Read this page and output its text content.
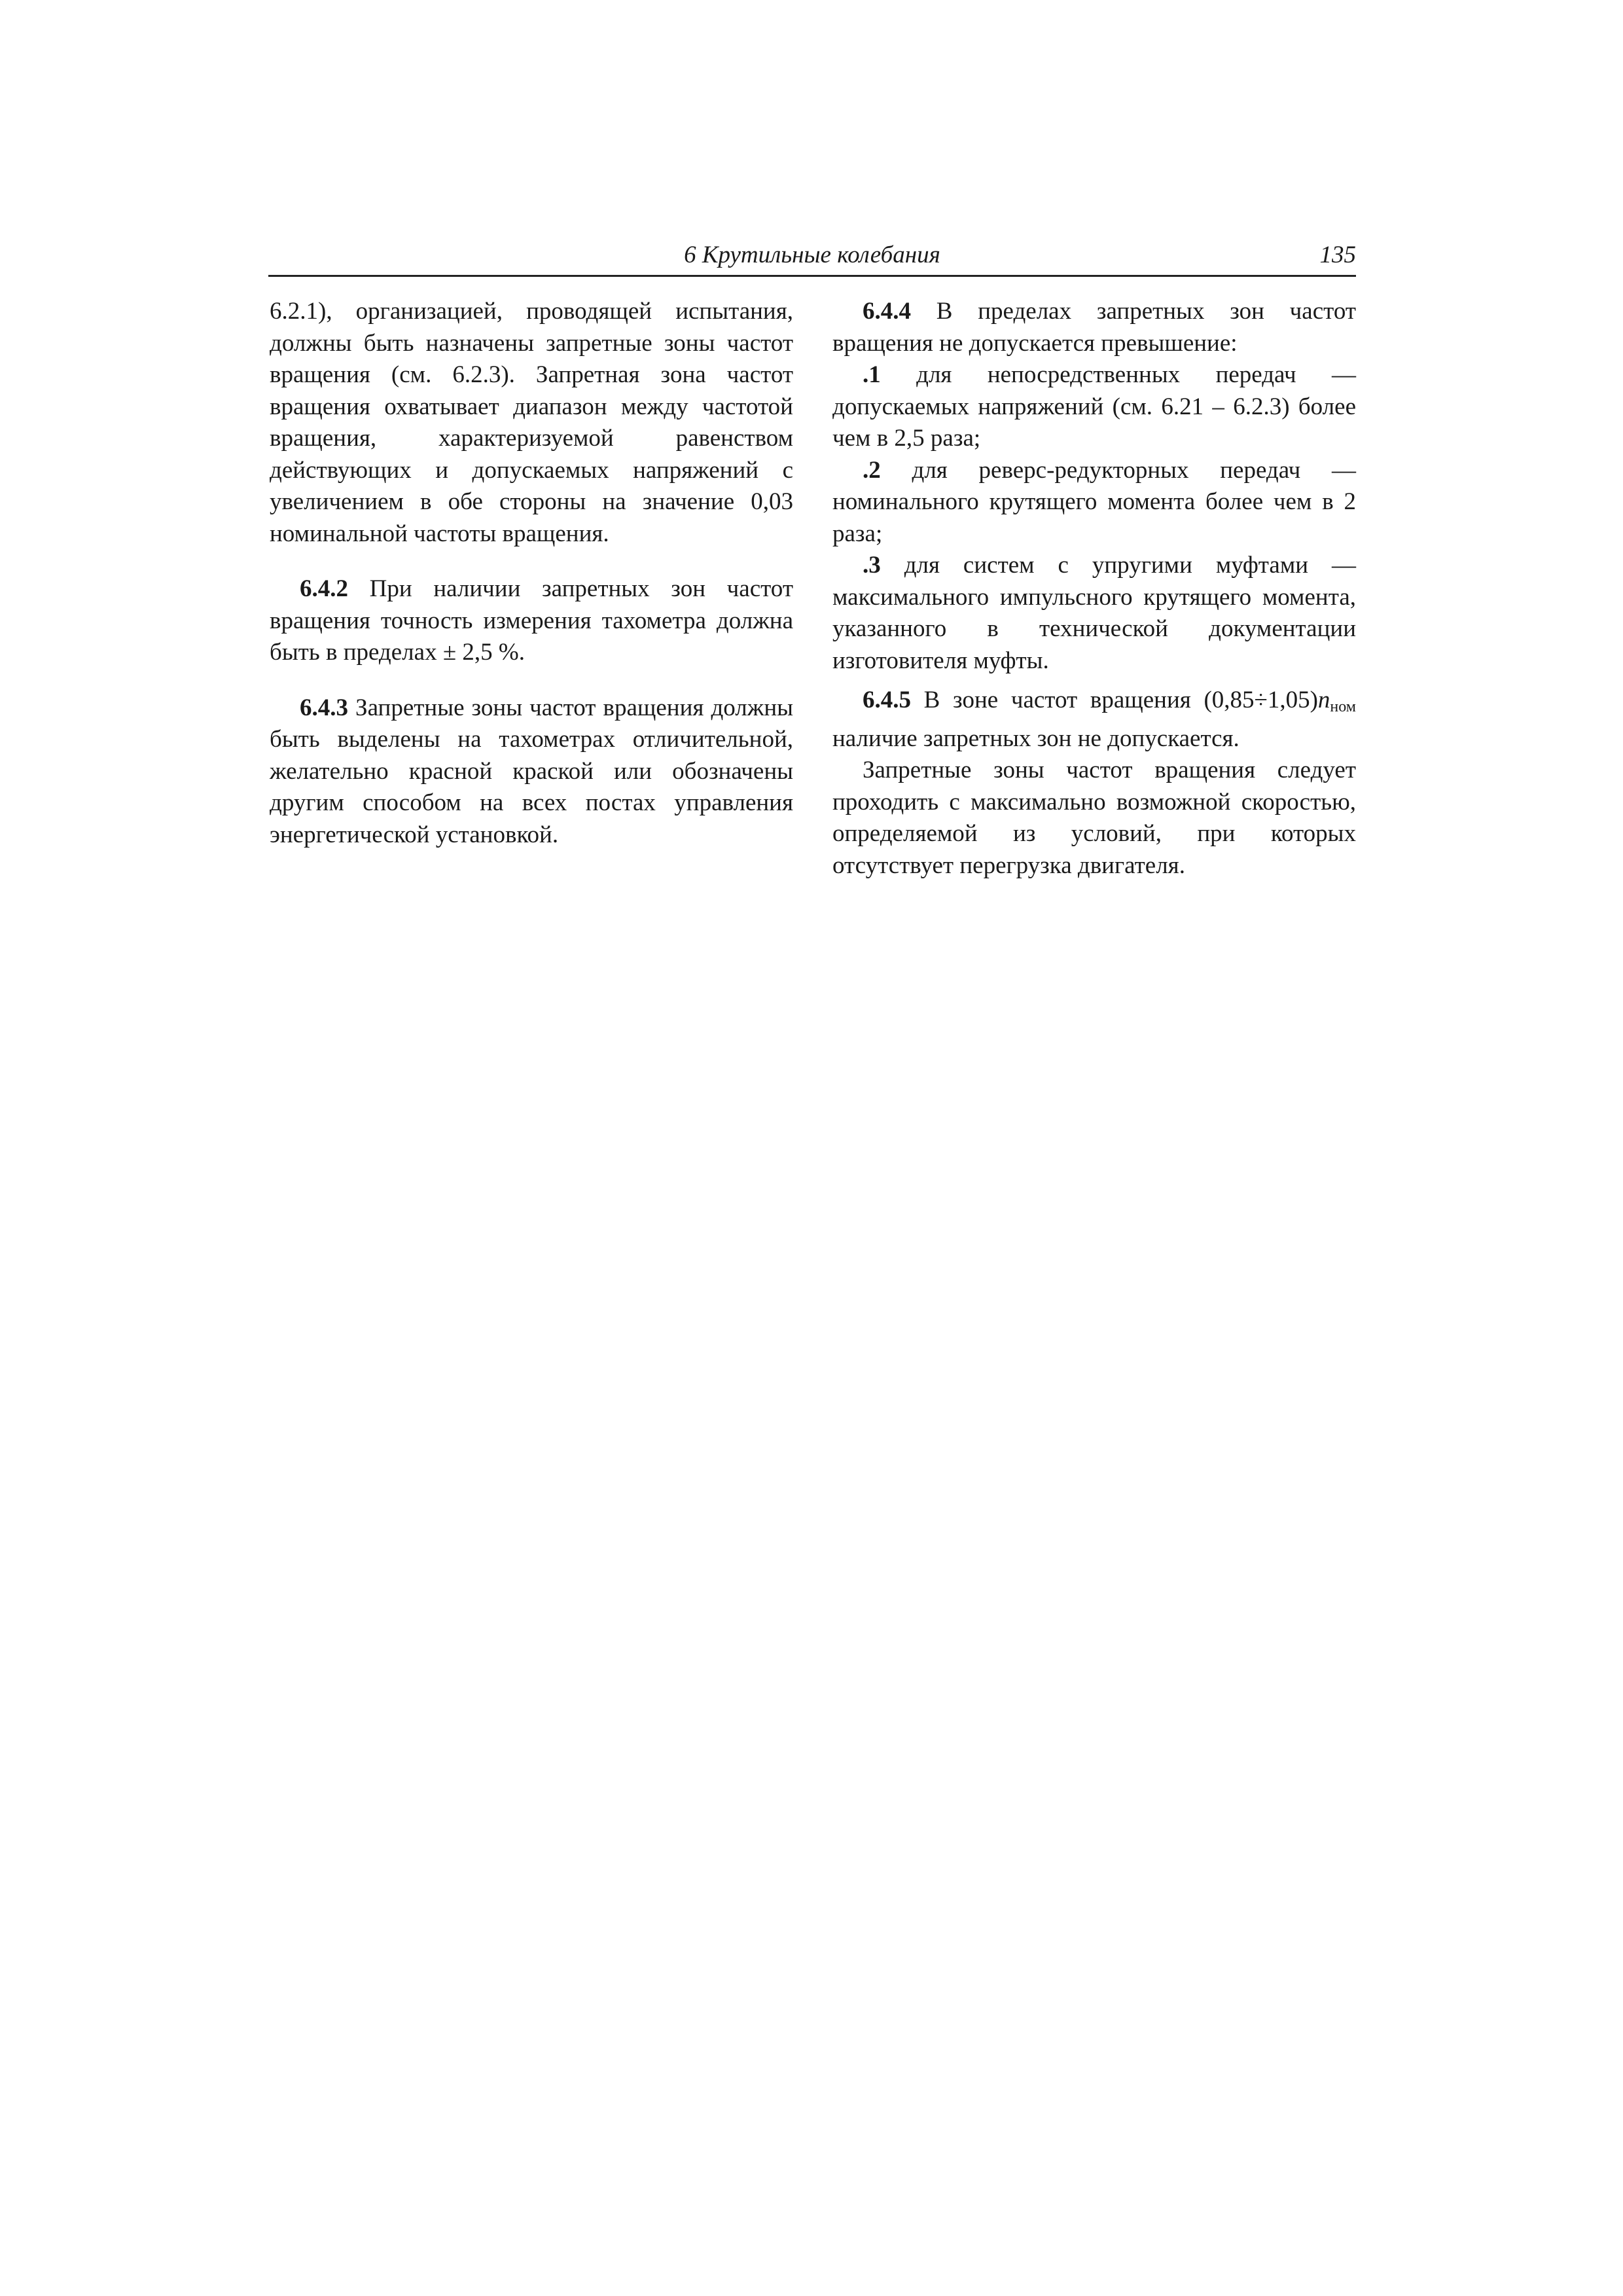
6 Крутильные колебания	135

6.2.1), организацией, проводящей испытания, должны быть назначены запретные зоны частот вращения (см. 6.2.3). Запретная зона частот вращения охватывает диапазон между частотой вращения, характеризуемой равенством действующих и допускаемых напряжений с увеличением в обе стороны на значение 0,03 номинальной частоты вращения.

6.4.2 При наличии запретных зон частот вращения точность измерения тахометра должна быть в пределах ± 2,5 %.

6.4.3 Запретные зоны частот вращения должны быть выделены на тахометрах отличительной, желательно красной краской или обозначены другим способом на всех постах управления энергетической установкой.

6.4.4 В пределах запретных зон частот вращения не допускается превышение:

.1 для непосредственных передач — допускаемых напряжений (см. 6.21 – 6.2.3) более чем в 2,5 раза;

.2 для реверс-редукторных передач — номинального крутящего момента более чем в 2 раза;

.3 для систем с упругими муфтами — максимального импульсного крутящего момента, указанного в технической документации изготовителя муфты.

6.4.5 В зоне частот вращения $(0,85\div 1,05)n_{ном}$ наличие запретных зон не допускается.

Запретные зоны частот вращения следует проходить с максимально возможной скоростью, определяемой из условий, при которых отсутствует перегрузка двигателя.
